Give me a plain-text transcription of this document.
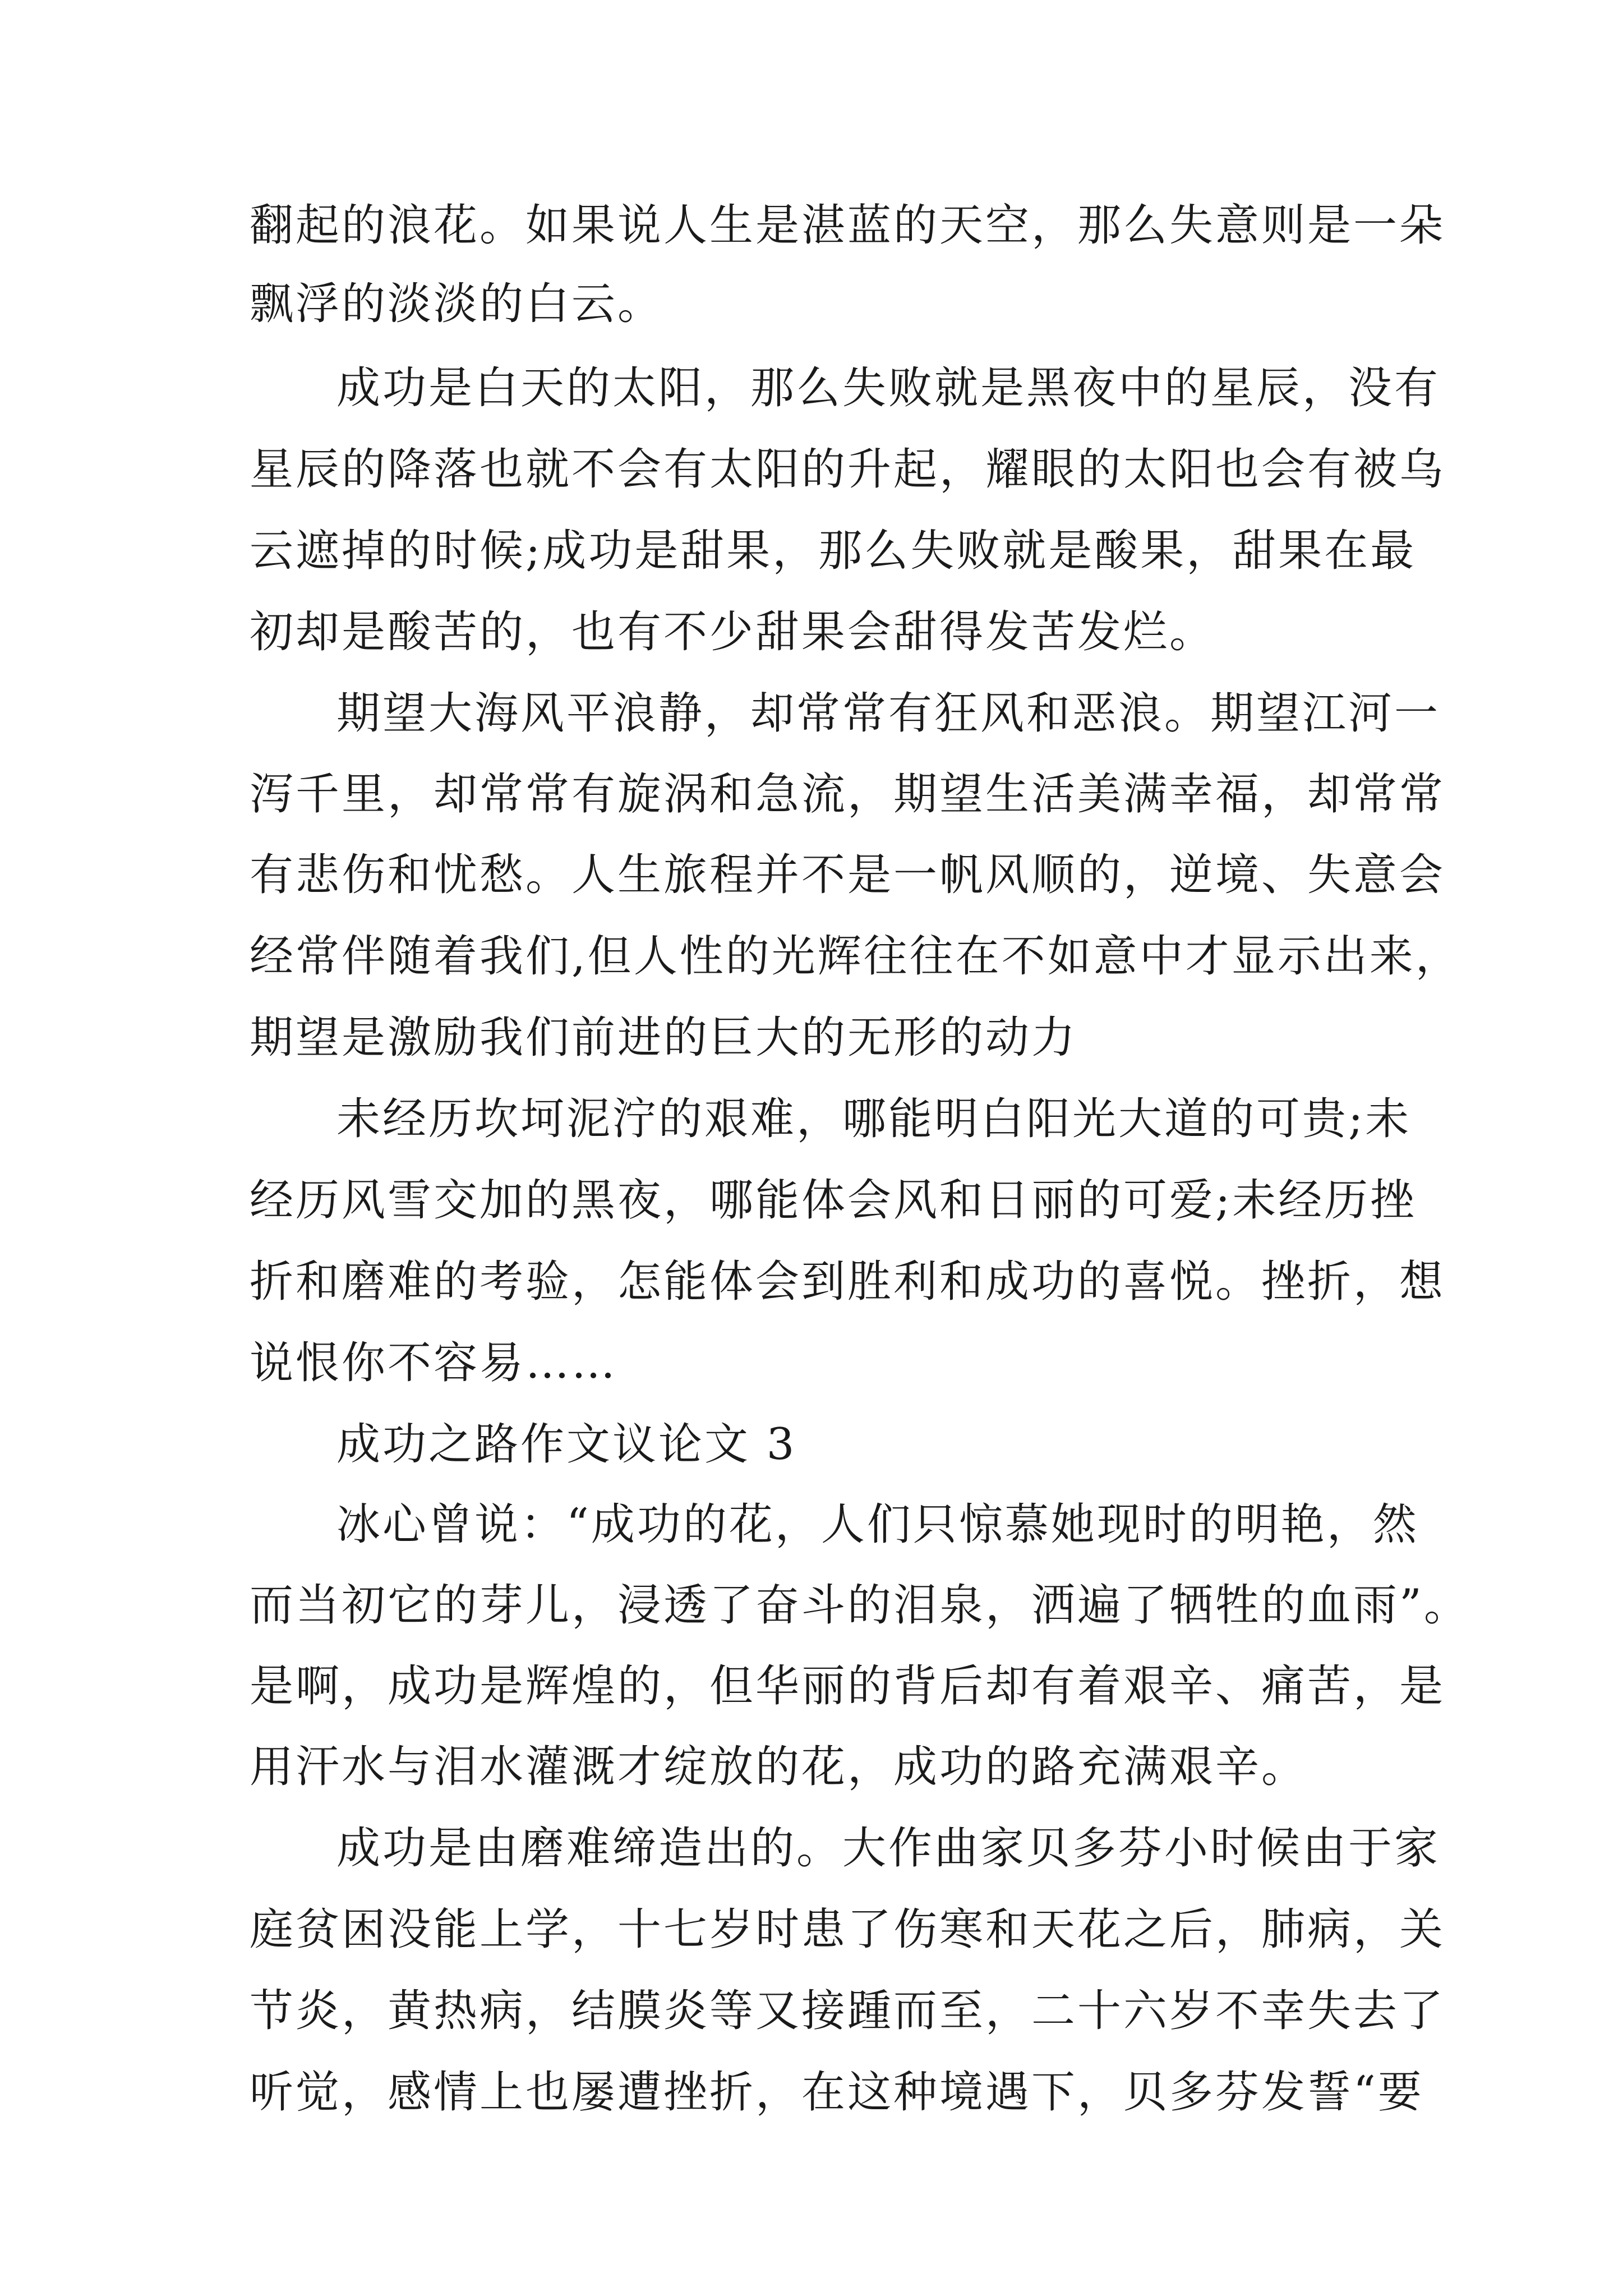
翻起的浪花。如果说人生是湛蓝的天空，那么失意则是一朵
飘浮的淡淡的白云。
成功是白天的太阳，那么失败就是黑夜中的星辰，没有
星辰的降落也就不会有太阳的升起，耀眼的太阳也会有被乌
云遮掉的时候;成功是甜果，那么失败就是酸果，甜果在最
初却是酸苦的，也有不少甜果会甜得发苦发烂。
期望大海风平浪静，却常常有狂风和恶浪。期望江河一
泻千里，却常常有旋涡和急流，期望生活美满幸福，却常常
有悲伤和忧愁。人生旅程并不是一帆风顺的，逆境、失意会
经常伴随着我们,但人性的光辉往往在不如意中才显示出来，
期望是激励我们前进的巨大的无形的动力
未经历坎坷泥泞的艰难，哪能明白阳光大道的可贵;未
经历风雪交加的黑夜，哪能体会风和日丽的可爱;未经历挫
折和磨难的考验，怎能体会到胜利和成功的喜悦。挫折，想
说恨你不容易……
成功之路作文议论文 3
冰心曾说：“成功的花，人们只惊慕她现时的明艳，然
而当初它的芽儿，浸透了奋斗的泪泉，洒遍了牺牲的血雨”。
是啊，成功是辉煌的，但华丽的背后却有着艰辛、痛苦，是
用汗水与泪水灌溉才绽放的花，成功的路充满艰辛。
成功是由磨难缔造出的。大作曲家贝多芬小时候由于家
庭贫困没能上学，十七岁时患了伤寒和天花之后，肺病，关
节炎，黄热病，结膜炎等又接踵而至，二十六岁不幸失去了
听觉，感情上也屡遭挫折，在这种境遇下，贝多芬发誓“要
